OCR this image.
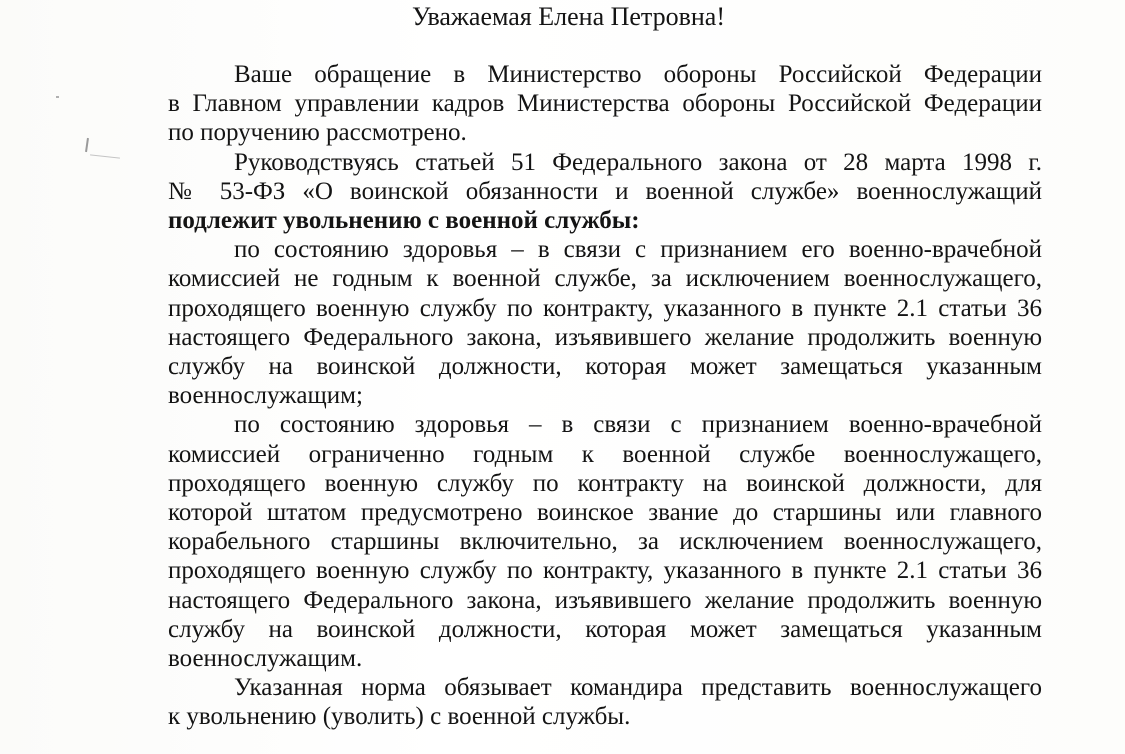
Уважаемая Елена Петровна!

Ваше обращение в Министерство обороны Российской Федерации
в Главном управлении кадров Министерства обороны Российской Федерации
по поручению рассмотрено.

Руководствуясь статьей 51 Федерального закона от 28 марта 1998 г.
№ 53-ФЗ «О воинской обязанности и военной службе» военнослужащий
подлежит увольнению с военной службы:

по состоянию здоровья – в связи с признанием его военно-врачебной
комиссией не годным к военной службе, за исключением военнослужащего,
проходящего военную службу по контракту, указанного в пункте 2.1 статьи 36
настоящего Федерального закона, изъявившего желание продолжить военную
службу на воинской должности, которая может замещаться указанным
военнослужащим;

по состоянию здоровья – в связи с признанием военно-врачебной
комиссией ограниченно годным к военной службе военнослужащего,
проходящего военную службу по контракту на воинской должности, для
которой штатом предусмотрено воинское звание до старшины или главного
корабельного старшины включительно, за исключением военнослужащего,
проходящего военную службу по контракту, указанного в пункте 2.1 статьи 36
настоящего Федерального закона, изъявившего желание продолжить военную
службу на воинской должности, которая может замещаться указанным
военнослужащим.

Указанная норма обязывает командира представить военнослужащего
к увольнению (уволить) с военной службы.
